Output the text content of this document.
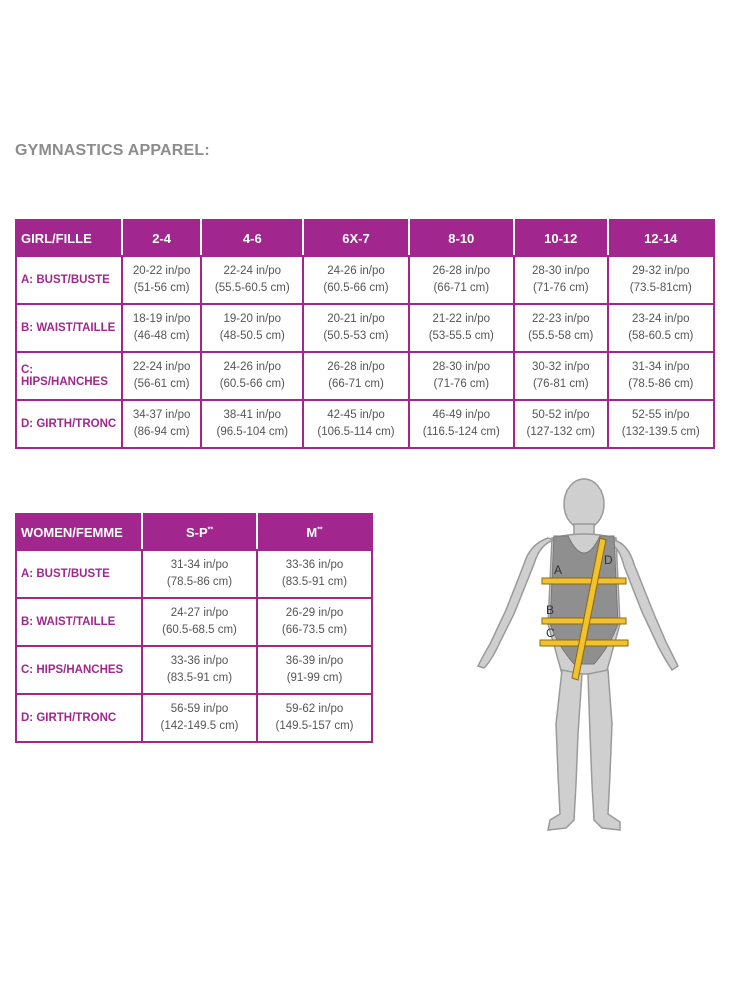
GYMNASTICS APPAREL:
GIRL/FILLE	2-4	4-6	6X-7	8-10	10-12	12-14
A: BUST/BUSTE	20-22 in/po
(51-56 cm)	22-24 in/po
(55.5-60.5 cm)	24-26 in/po
(60.5-66 cm)	26-28 in/po
(66-71 cm)	28-30 in/po
(71-76 cm)	29-32 in/po
(73.5-81cm)

B: WAIST/TAILLE	18-19 in/po
(46-48 cm)	19-20 in/po
(48-50.5 cm)	20-21 in/po
(50.5-53 cm)	21-22 in/po
(53-55.5 cm)	22-23 in/po
(55.5-58 cm)	23-24 in/po
(58-60.5 cm)

C: HIPS/HANCHES	22-24 in/po
(56-61 cm)	24-26 in/po
(60.5-66 cm)	26-28 in/po
(66-71 cm)	28-30 in/po
(71-76 cm)	30-32 in/po
(76-81 cm)	31-34 in/po
(78.5-86 cm)

D: GIRTH/TRONC	34-37 in/po
(86-94 cm)	38-41 in/po
(96.5-104 cm)	42-45 in/po
(106.5-114 cm)	46-49 in/po
(116.5-124 cm)	50-52 in/po
(127-132 cm)	52-55 in/po
(132-139.5 cm)
WOMEN/FEMME	S-P**	M**
A: BUST/BUSTE	31-34 in/po
(78.5-86 cm)	33-36 in/po
(83.5-91 cm)

B: WAIST/TAILLE	24-27 in/po
(60.5-68.5 cm)	26-29 in/po
(66-73.5 cm)

C: HIPS/HANCHES	33-36 in/po
(83.5-91 cm)	36-39 in/po
(91-99 cm)

D: GIRTH/TRONC	56-59 in/po
(142-149.5 cm)	59-62 in/po
(149.5-157 cm)
A
B
C
D
